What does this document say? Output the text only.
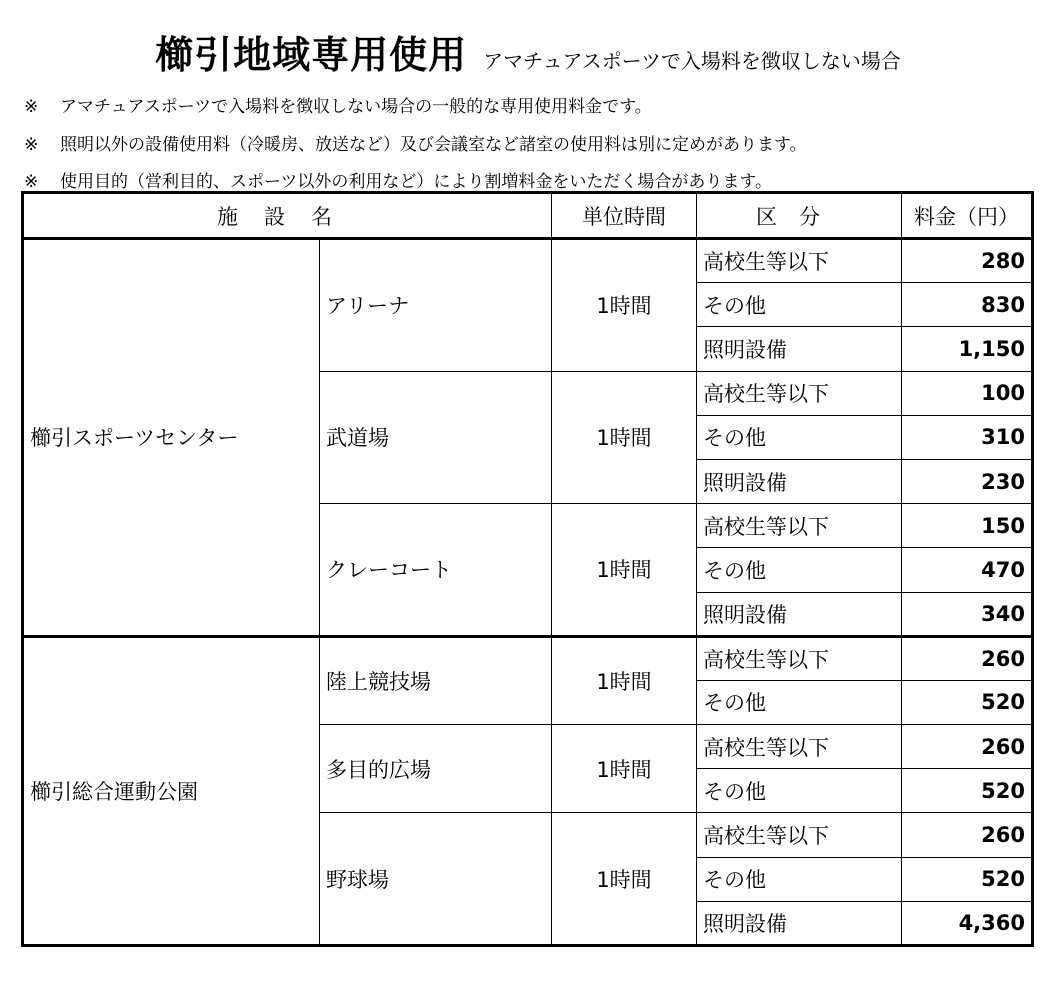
櫛引地域専用使用 アマチュアスポーツで入場料を徴収しない場合
※ アマチュアスポーツで入場料を徴収しない場合の一般的な専用使用料金です。
※ 照明以外の設備使用料（冷暖房、放送など）及び会議室など諸室の使用料は別に定めがあります。
※ 使用目的（営利目的、スポーツ以外の利用など）により割増料金をいただく場合があります。
施設名		単位時間	区分	料金（円）
櫛引スポーツセンター	アリーナ	1時間	高校生等以下	280
			その他	830
			照明設備	1,150
	武道場	1時間	高校生等以下	100
			その他	310
			照明設備	230
	クレーコート	1時間	高校生等以下	150
			その他	470
			照明設備	340
櫛引総合運動公園	陸上競技場	1時間	高校生等以下	260
			その他	520
	多目的広場	1時間	高校生等以下	260
			その他	520
	野球場	1時間	高校生等以下	260
			その他	520
			照明設備	4,360
